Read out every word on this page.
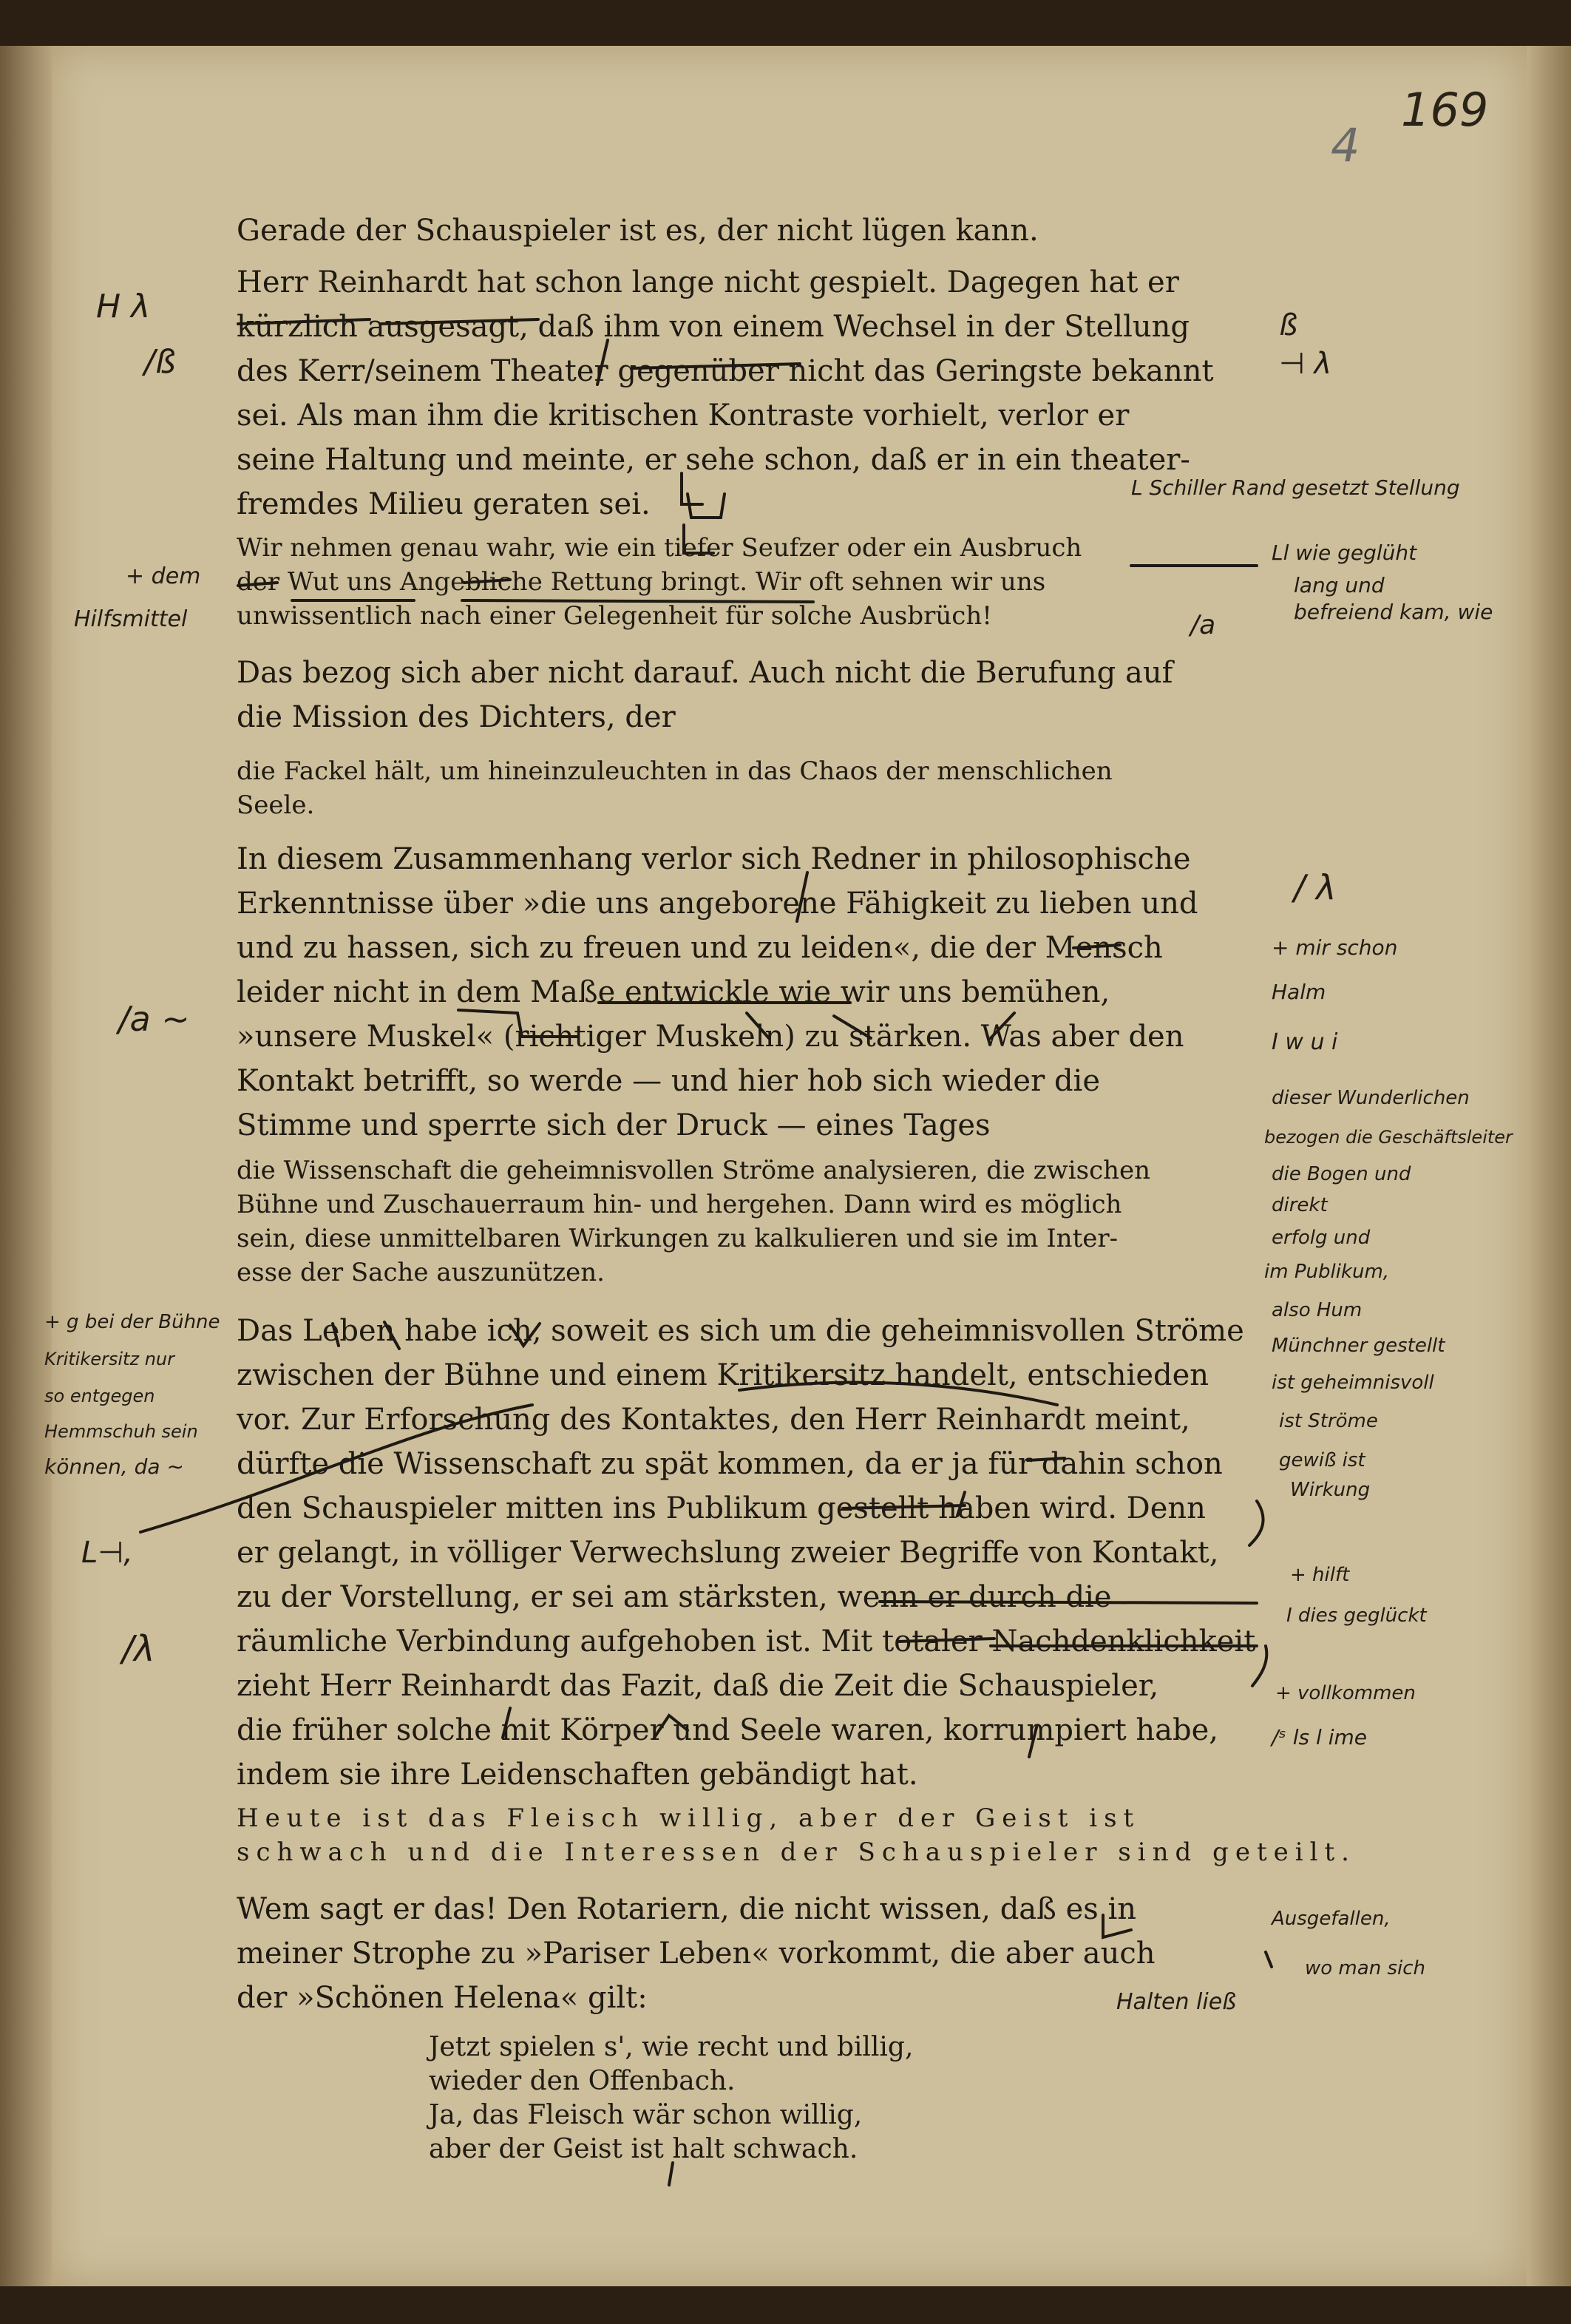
169
4
Gerade der Schauspieler ist es, der nicht lügen kann.
Herr Reinhardt hat schon lange nicht gespielt. Dagegen hat er
kürzlich ausgesagt, daß ihm von einem Wechsel in der Stellung
des Kerr/seinem Theater gegenüber nicht das Geringste bekannt
sei. Als man ihm die kritischen Kontraste vorhielt, verlor er
seine Haltung und meinte, er sehe schon, daß er in ein theater-
fremdes Milieu geraten sei.
Wir nehmen genau wahr, wie ein tiefer Seufzer oder ein Ausbruch
der Wut uns Angebliche Rettung bringt. Wir oft sehnen wir uns
unwissentlich nach einer Gelegenheit für solche Ausbrüch!
Das bezog sich aber nicht darauf. Auch nicht die Berufung auf
die Mission des Dichters, der
die Fackel hält, um hineinzuleuchten in das Chaos der menschlichen
Seele.
In diesem Zusammenhang verlor sich Redner in philosophische
Erkenntnisse über »die uns angeborene Fähigkeit zu lieben und
und zu hassen, sich zu freuen und zu leiden«, die der Mensch
leider nicht in dem Maße entwickle wie wir uns bemühen,
»unsere Muskel« (richtiger Muskeln) zu stärken. Was aber den
Kontakt betrifft, so werde — und hier hob sich wieder die
Stimme und sperrte sich der Druck — eines Tages
die Wissenschaft die geheimnisvollen Ströme analysieren, die zwischen
Bühne und Zuschauerraum hin- und hergehen. Dann wird es möglich
sein, diese unmittelbaren Wirkungen zu kalkulieren und sie im Inter-
esse der Sache auszunützen.
Das Leben habe ich, soweit es sich um die geheimnisvollen Ströme
zwischen der Bühne und einem Kritikersitz handelt, entschieden
vor. Zur Erforschung des Kontaktes, den Herr Reinhardt meint,
dürfte die Wissenschaft zu spät kommen, da er ja für dahin schon
den Schauspieler mitten ins Publikum gestellt haben wird. Denn
er gelangt, in völliger Verwechslung zweier Begriffe von Kontakt,
zu der Vorstellung, er sei am stärksten, wenn er durch die
räumliche Verbindung aufgehoben ist. Mit totaler Nachdenklichkeit
zieht Herr Reinhardt das Fazit, daß die Zeit die Schauspieler,
die früher solche mit Körper und Seele waren, korrumpiert habe,
indem sie ihre Leidenschaften gebändigt hat.
Heute ist das Fleisch willig, aber der Geist ist
schwach und die Interessen der Schauspieler sind geteilt.
Wem sagt er das! Den Rotariern, die nicht wissen, daß es in
meiner Strophe zu »Pariser Leben« vorkommt, die aber auch
der »Schönen Helena« gilt:
Jetzt spielen s', wie recht und billig,
wieder den Offenbach.
Ja, das Fleisch wär schon willig,
aber der Geist ist halt schwach.
H λ
/ß
ß
⊣ λ
L Schiller Rand gesetzt Stellung
+ dem
Hilfsmittel
Ll wie geglüht
lang und
befreiend kam, wie
/a
/ λ
+ mir schon
Halm
/a ∼
I w u i
dieser Wunderlichen
bezogen die Geschäftsleiter
die Bogen und
direkt
erfolg und
im Publikum,
also Hum
Münchner gestellt
ist geheimnisvoll
ist Ströme
gewiß ist
Wirkung
+ g bei der Bühne
Kritikersitz nur
so entgegen
Hemmschuh sein
können, da ∼
L⊣,
/λ
+ hilft
I dies geglückt
+ vollkommen
/ˢ ls l ime
Ausgefallen,
wo man sich
Halten ließ
